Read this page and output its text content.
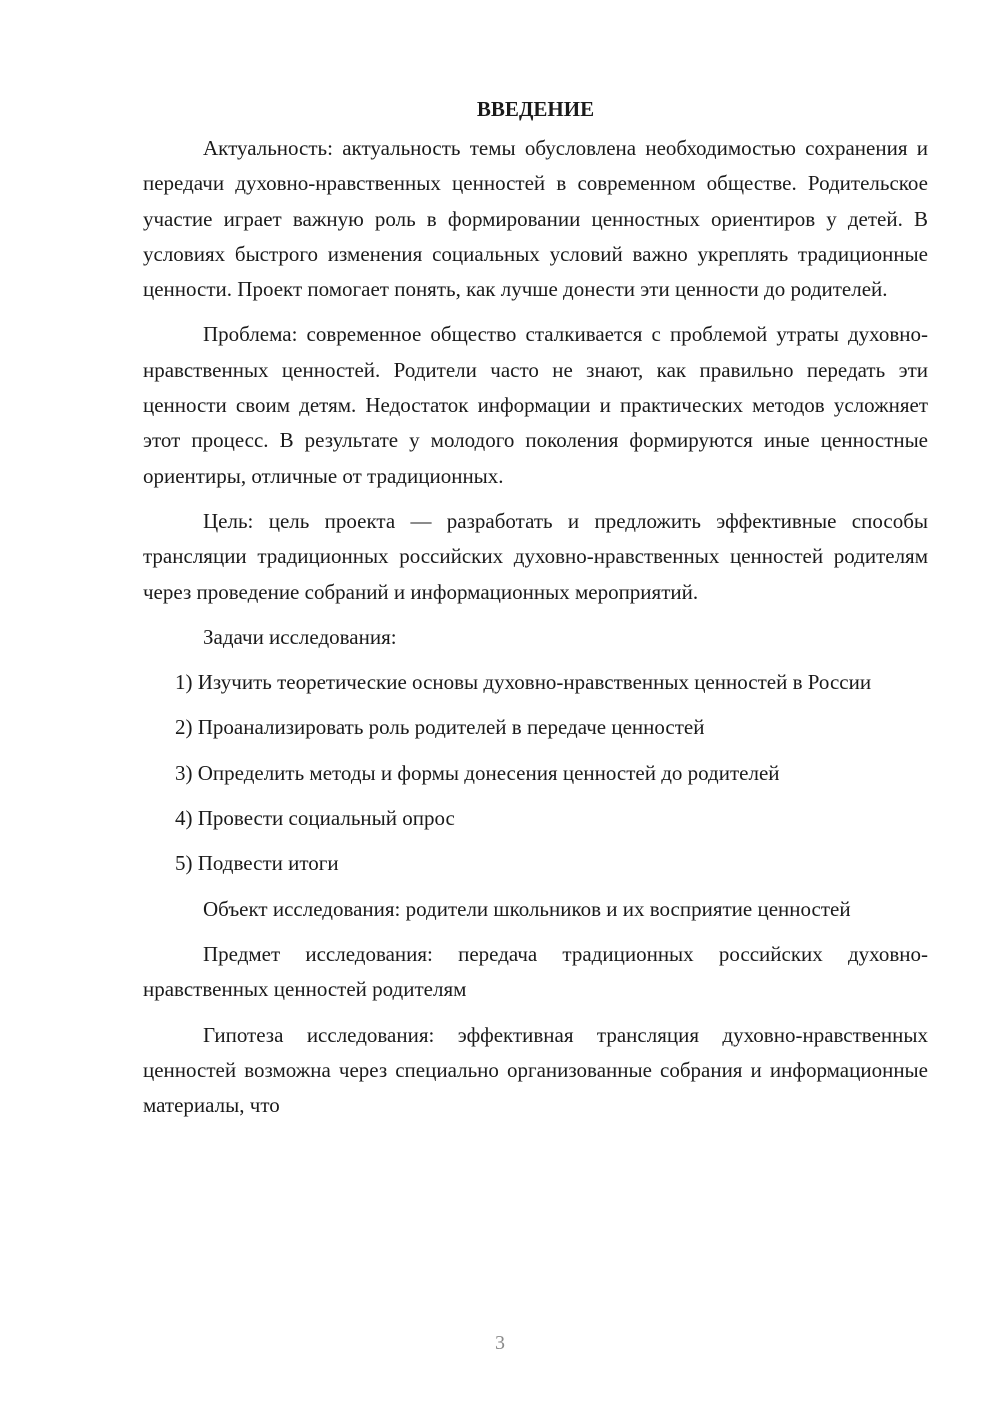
ВВЕДЕНИЕ

Актуальность: актуальность темы обусловлена необходимостью сохранения и передачи духовно-нравственных ценностей в современном обществе. Родительское участие играет важную роль в формировании ценностных ориентиров у детей. В условиях быстрого изменения социальных условий важно укреплять традиционные ценности. Проект помогает понять, как лучше донести эти ценности до родителей.

Проблема: современное общество сталкивается с проблемой утраты духовно-нравственных ценностей. Родители часто не знают, как правильно передать эти ценности своим детям. Недостаток информации и практических методов усложняет этот процесс. В результате у молодого поколения формируются иные ценностные ориентиры, отличные от традиционных.

Цель: цель проекта — разработать и предложить эффективные способы трансляции традиционных российских духовно-нравственных ценностей родителям через проведение собраний и информационных мероприятий.

Задачи исследования:

1) Изучить теоретические основы духовно-нравственных ценностей в России

2) Проанализировать роль родителей в передаче ценностей

3) Определить методы и формы донесения ценностей до родителей

4) Провести социальный опрос

5) Подвести итоги

Объект исследования: родители школьников и их восприятие ценностей

Предмет исследования: передача традиционных российских духовно-нравственных ценностей родителям

Гипотеза исследования: эффективная трансляция духовно-нравственных ценностей возможна через специально организованные собрания и информационные материалы, что

3
